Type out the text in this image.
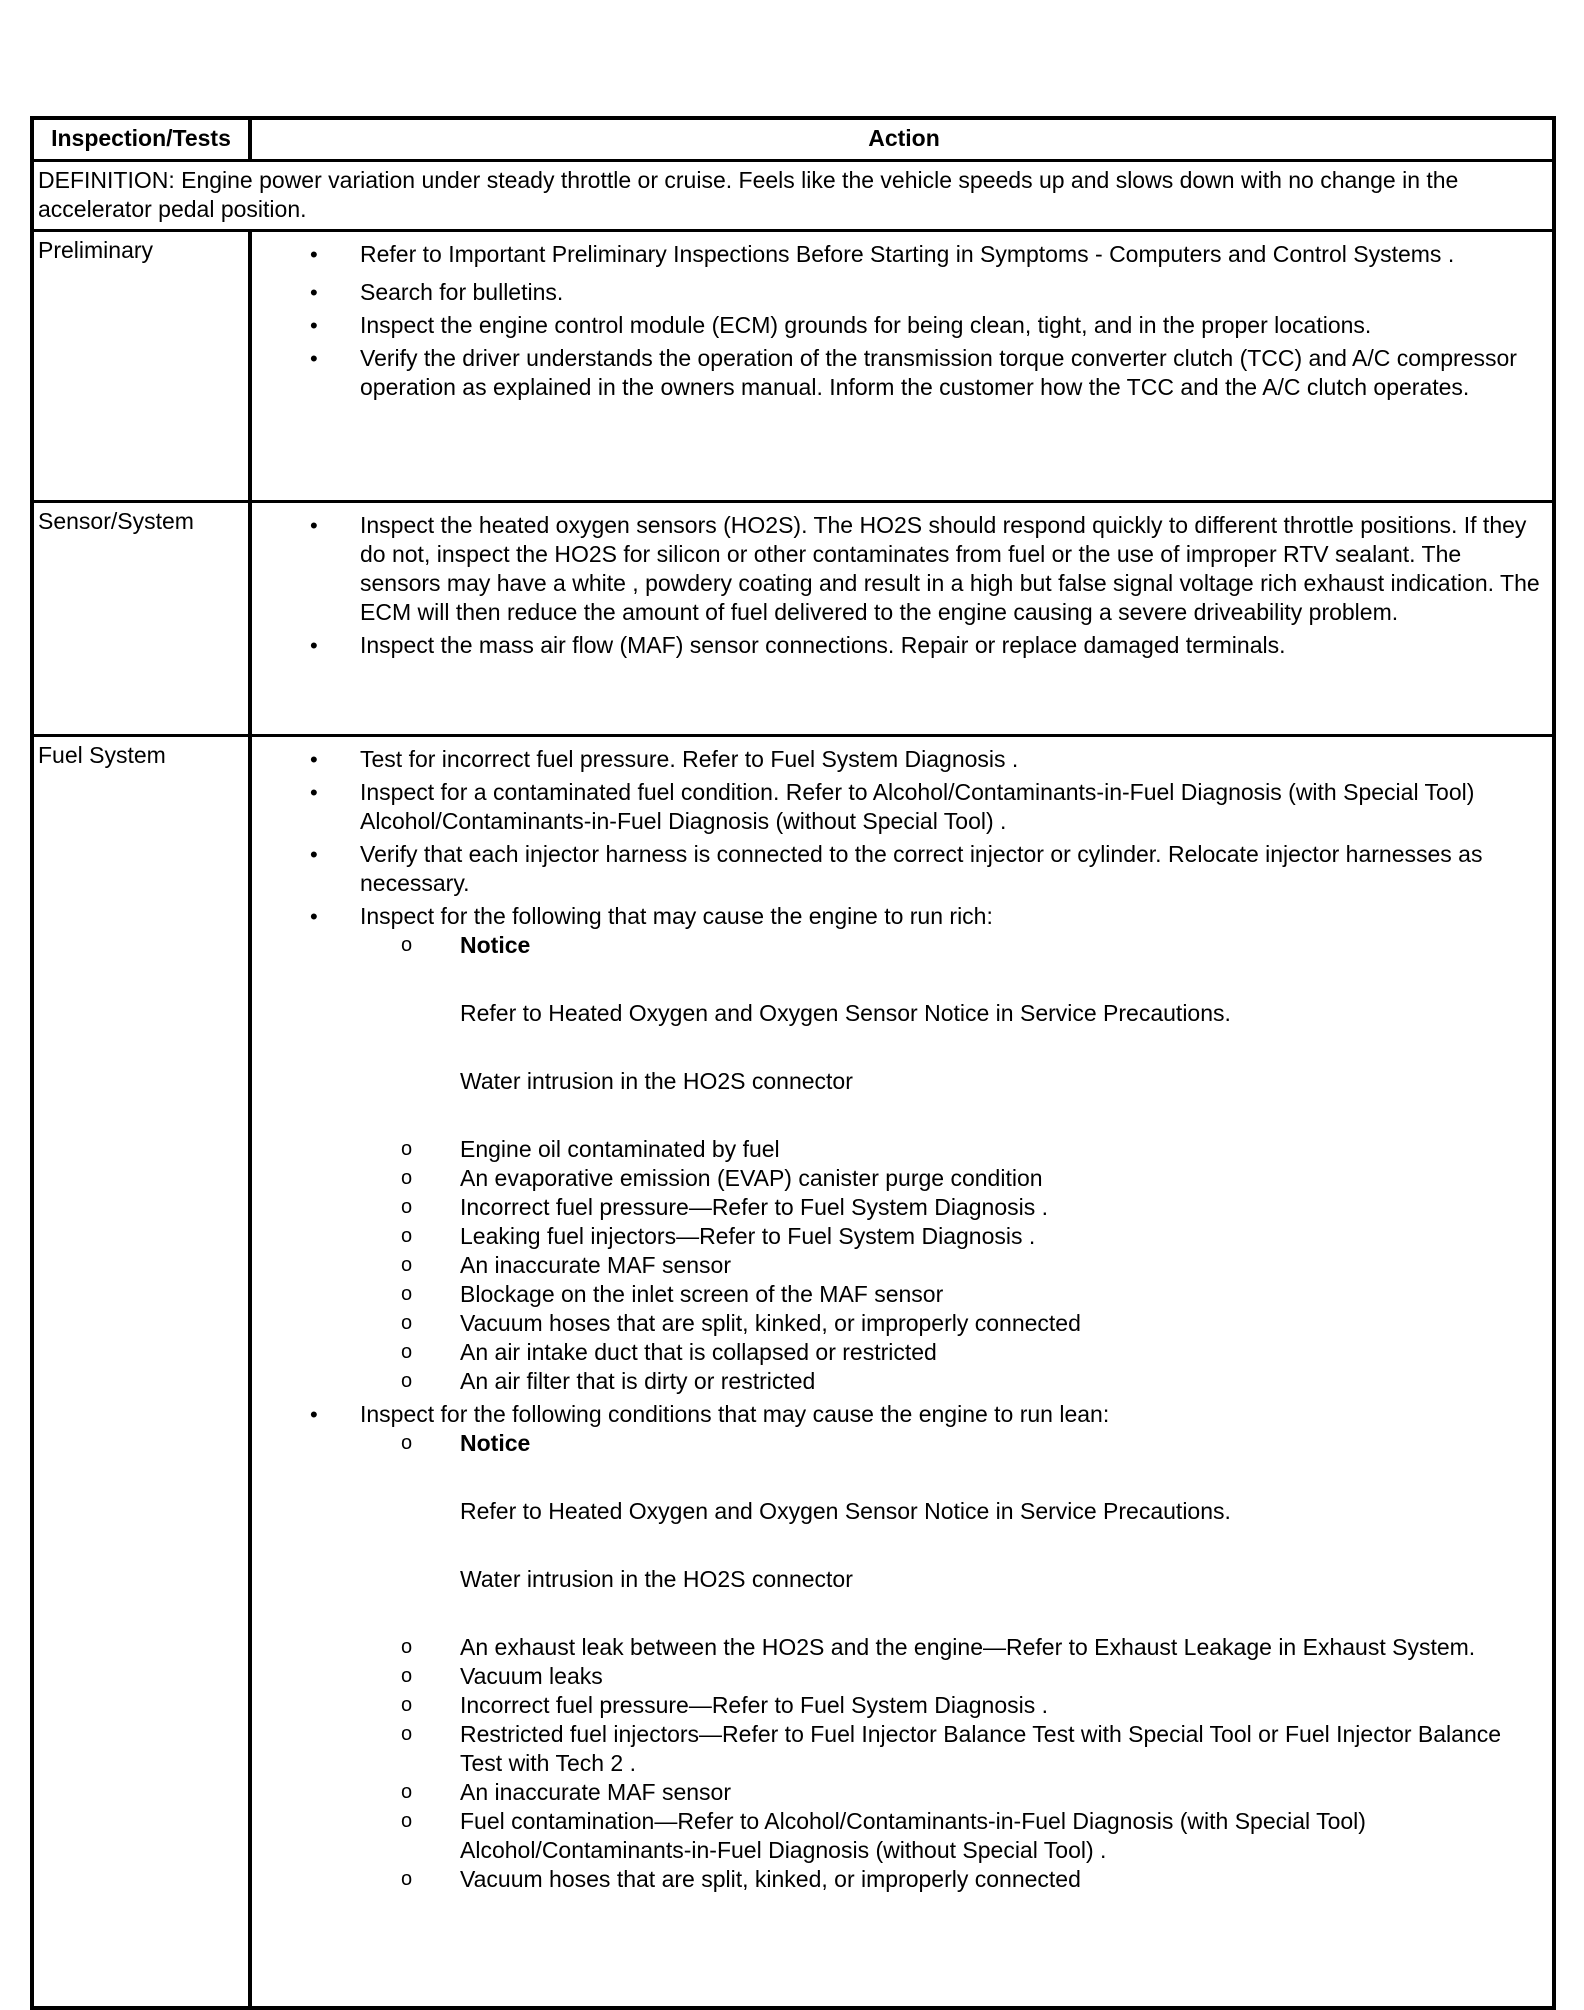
Inspection/Tests	Action
DEFINITION: Engine power variation under steady throttle or cruise. Feels like the vehicle speeds up and slows down with no change in the accelerator pedal position.
Preliminary	• Refer to Important Preliminary Inspections Before Starting in Symptoms - Computers and Control Systems .
• Search for bulletins.
• Inspect the engine control module (ECM) grounds for being clean, tight, and in the proper locations.
• Verify the driver understands the operation of the transmission torque converter clutch (TCC) and A/C compressor operation as explained in the owners manual. Inform the customer how the TCC and the A/C clutch operates.
Sensor/System	• Inspect the heated oxygen sensors (HO2S). The HO2S should respond quickly to different throttle positions. If they do not, inspect the HO2S for silicon or other contaminates from fuel or the use of improper RTV sealant. The sensors may have a white , powdery coating and result in a high but false signal voltage rich exhaust indication. The ECM will then reduce the amount of fuel delivered to the engine causing a severe driveability problem.
• Inspect the mass air flow (MAF) sensor connections. Repair or replace damaged terminals.
Fuel System	• Test for incorrect fuel pressure. Refer to Fuel System Diagnosis .
• Inspect for a contaminated fuel condition. Refer to Alcohol/Contaminants-in-Fuel Diagnosis (with Special Tool) Alcohol/Contaminants-in-Fuel Diagnosis (without Special Tool) .
• Verify that each injector harness is connected to the correct injector or cylinder. Relocate injector harnesses as necessary.
• Inspect for the following that may cause the engine to run rich:
o Notice

Refer to Heated Oxygen and Oxygen Sensor Notice in Service Precautions.

Water intrusion in the HO2S connector

o Engine oil contaminated by fuel
o An evaporative emission (EVAP) canister purge condition
o Incorrect fuel pressure—Refer to Fuel System Diagnosis .
o Leaking fuel injectors—Refer to Fuel System Diagnosis .
o An inaccurate MAF sensor
o Blockage on the inlet screen of the MAF sensor
o Vacuum hoses that are split, kinked, or improperly connected
o An air intake duct that is collapsed or restricted
o An air filter that is dirty or restricted
• Inspect for the following conditions that may cause the engine to run lean:
o Notice

Refer to Heated Oxygen and Oxygen Sensor Notice in Service Precautions.

Water intrusion in the HO2S connector

o An exhaust leak between the HO2S and the engine—Refer to Exhaust Leakage in Exhaust System.
o Vacuum leaks
o Incorrect fuel pressure—Refer to Fuel System Diagnosis .
o Restricted fuel injectors—Refer to Fuel Injector Balance Test with Special Tool or Fuel Injector Balance Test with Tech 2 .
o An inaccurate MAF sensor
o Fuel contamination—Refer to Alcohol/Contaminants-in-Fuel Diagnosis (with Special Tool) Alcohol/Contaminants-in-Fuel Diagnosis (without Special Tool) .
o Vacuum hoses that are split, kinked, or improperly connected
